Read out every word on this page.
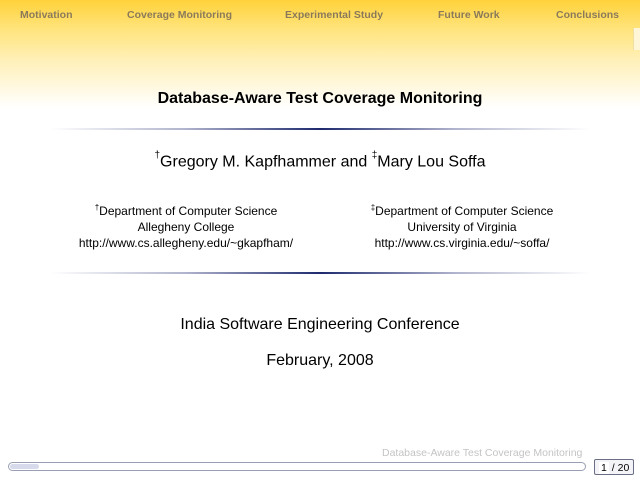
Motivation	Coverage Monitoring	Experimental Study	Future Work	Conclusions
Database-Aware Test Coverage Monitoring
†Gregory M. Kapfhammer and ‡Mary Lou Soffa
†Department of Computer Science
Allegheny College
http://www.cs.allegheny.edu/~gkapfham/
‡Department of Computer Science
University of Virginia
http://www.cs.virginia.edu/~soffa/
India Software Engineering Conference
February, 2008
Database-Aware Test Coverage Monitoring
1 / 20
